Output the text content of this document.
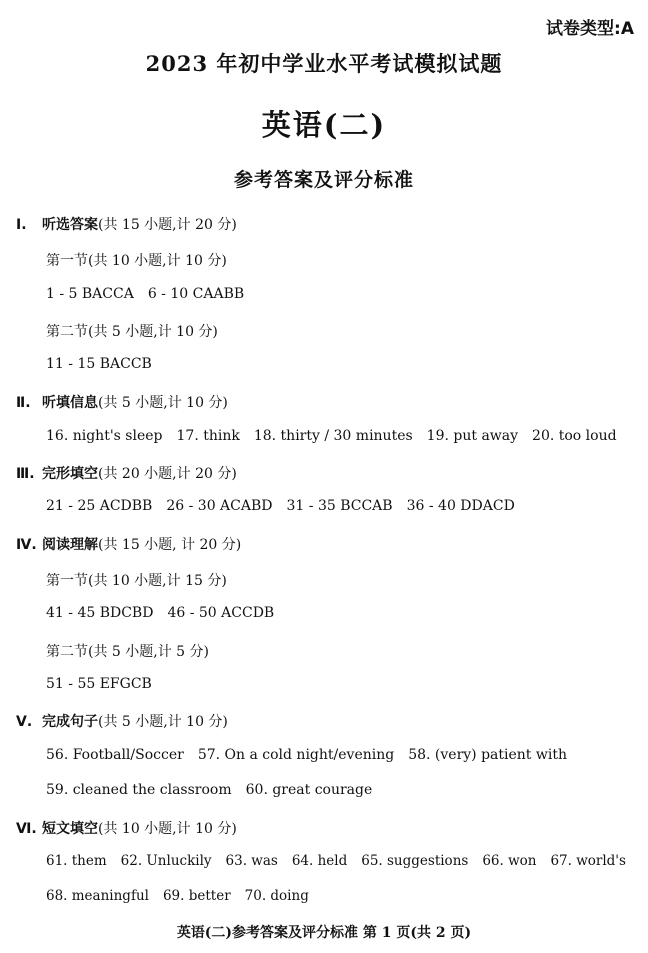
试卷类型:A
2023 年初中学业水平考试模拟试题
英语(二)
参考答案及评分标准
Ⅰ. 听选答案(共 15 小题,计 20 分)
第一节(共 10 小题,计 10 分)
1 - 5 BACCA 6 - 10 CAABB
第二节(共 5 小题,计 10 分)
11 - 15 BACCB
Ⅱ. 听填信息(共 5 小题,计 10 分)
16. night's sleep 17. think 18. thirty / 30 minutes 19. put away 20. too loud
Ⅲ. 完形填空(共 20 小题,计 20 分)
21 - 25 ACDBB 26 - 30 ACABD 31 - 35 BCCAB 36 - 40 DDACD
Ⅳ. 阅读理解(共 15 小题, 计 20 分)
第一节(共 10 小题,计 15 分)
41 - 45 BDCBD 46 - 50 ACCDB
第二节(共 5 小题,计 5 分)
51 - 55 EFGCB
Ⅴ. 完成句子(共 5 小题,计 10 分)
56. Football/Soccer 57. On a cold night/evening 58. (very) patient with
59. cleaned the classroom 60. great courage
Ⅵ. 短文填空(共 10 小题,计 10 分)
61. them 62. Unluckily 63. was 64. held 65. suggestions 66. won 67. world's
68. meaningful 69. better 70. doing
英语(二)参考答案及评分标准 第 1 页(共 2 页)
